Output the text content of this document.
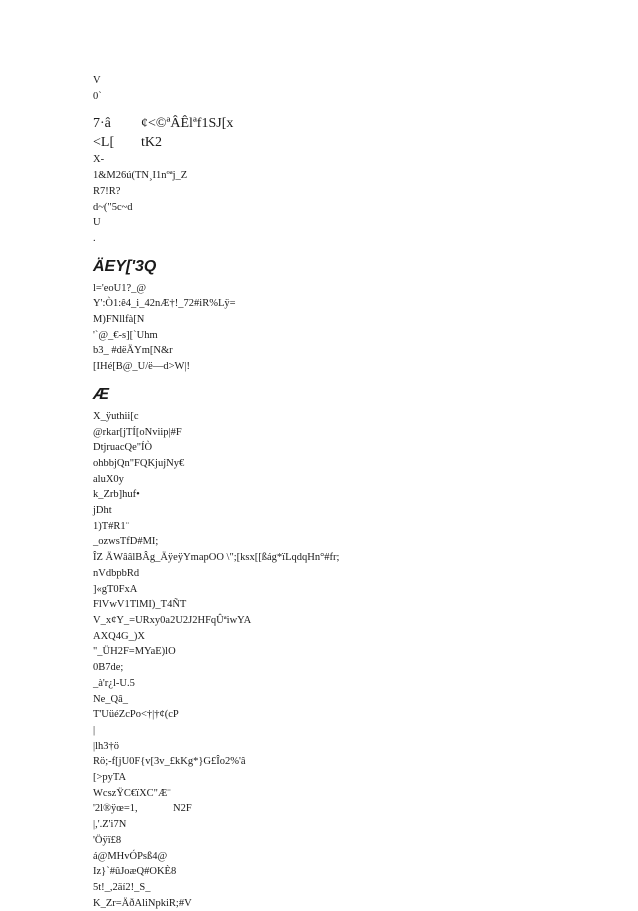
V

0`

7·â ¢<©ªÂÊlªf1SJ[x

<L[ tK2

X-

1&M26ú(TN¸I1nºªj_Z

R7!R?

d~("5c~d

U

.

ÄEY['3Q

l='eoU1?_@

Y':Ò1:ê4_i_42nÆ†!_72#iR%Lÿ=

M)FNllfà[N

'`@_€-s][`Uhm

b3_ #dëÄYm[N&r

[IHé[B@_U/ë—d>W|!

Æ

X_ÿuthii[c

@rkar[jTÍ[oNviip|#F

DtjruacQe"ÍÒ

ohbbjQn"FQKjujNy€

aluX0y

k_Zrb]huf•

jDht

1)T#R1¨

_ozwsTfD#MI;

ÎZ ÄWââlBÂg_ÄÿeÿYmapOO \";[ksx[[ßág*ïLqdqHn°#fr;

nVdbpbRd

]«gT0FxA

FlVwV1TlMI)_T4ÑT

V_x¢Y_=URxy0a2U2J2HFqÛªiwYA

AXQ4G_)X

"_ÜH2F=MYaE)lO

0B7de;

_à'r¿l-U.5

Ne_Qâ_

T'UüéZcPo<†|†¢(cP

|

|lh3†ö

Rö;-f[jU0F{v[3v_£kKg*}G£Îo2%'â

[>pyTA

WcszŸC€ïXC"Æ¨

'2l®ÿœ=1,	N2F

|,'.Z'i7N

'Öÿï£8

á@MHvÓPsß4@

Iz}`#ûJoæQ#OKÈ8

5t!_,2äí2!_S_

K_Zr=ÄðAliNpkiR;#V
